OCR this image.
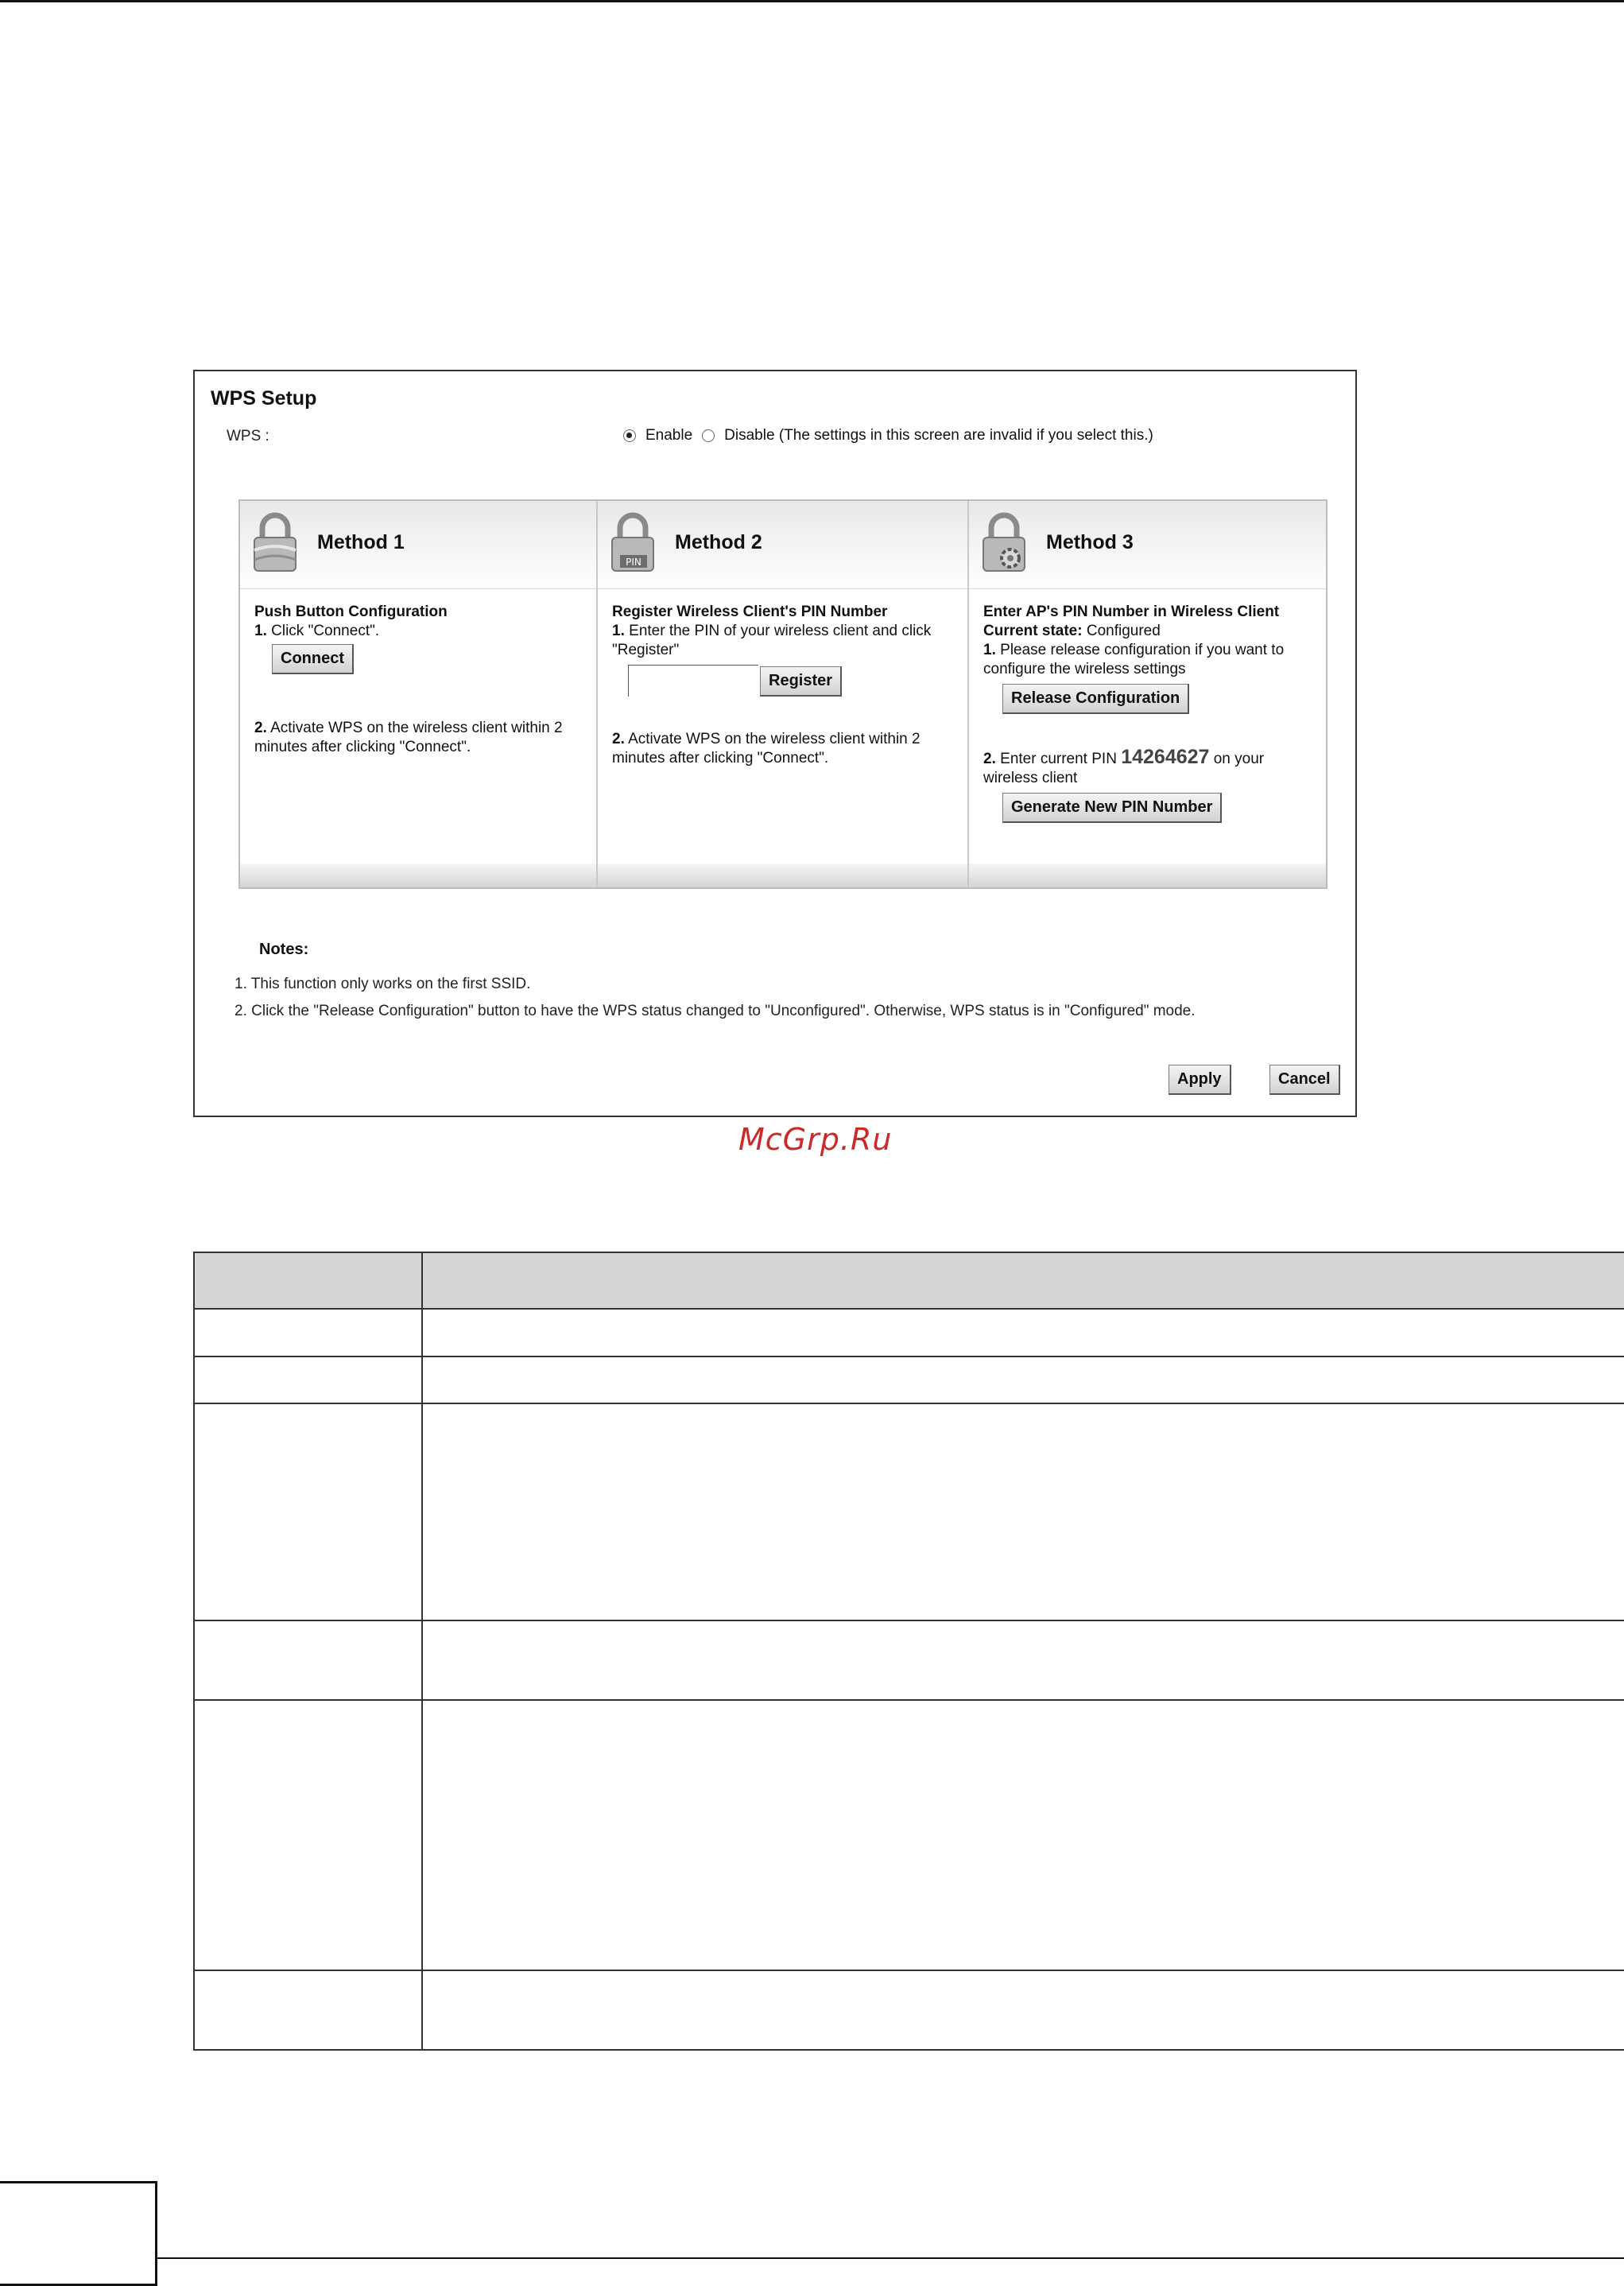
WPS Setup
WPS :	Enable Disable (The settings in this screen are invalid if you select this.)
Method 1
Push Button Configuration
1. Click "Connect".
Connect
2. Activate WPS on the wireless client within 2 minutes after clicking "Connect".
PIN
Method 2
Register Wireless Client's PIN Number
1. Enter the PIN of your wireless client and click "Register"
Register
2. Activate WPS on the wireless client within 2 minutes after clicking "Connect".
Method 3
Enter AP's PIN Number in Wireless Client
Current state: Configured
1. Please release configuration if you want to configure the wireless settings
Release Configuration
2. Enter current PIN 14264627 on your wireless client
Generate New PIN Number
Notes:
1. This function only works on the first SSID.
2. Click the "Release Configuration" button to have the WPS status changed to "Unconfigured". Otherwise, WPS status is in "Configured" mode.
Apply	Cancel
McGrp.Ru
